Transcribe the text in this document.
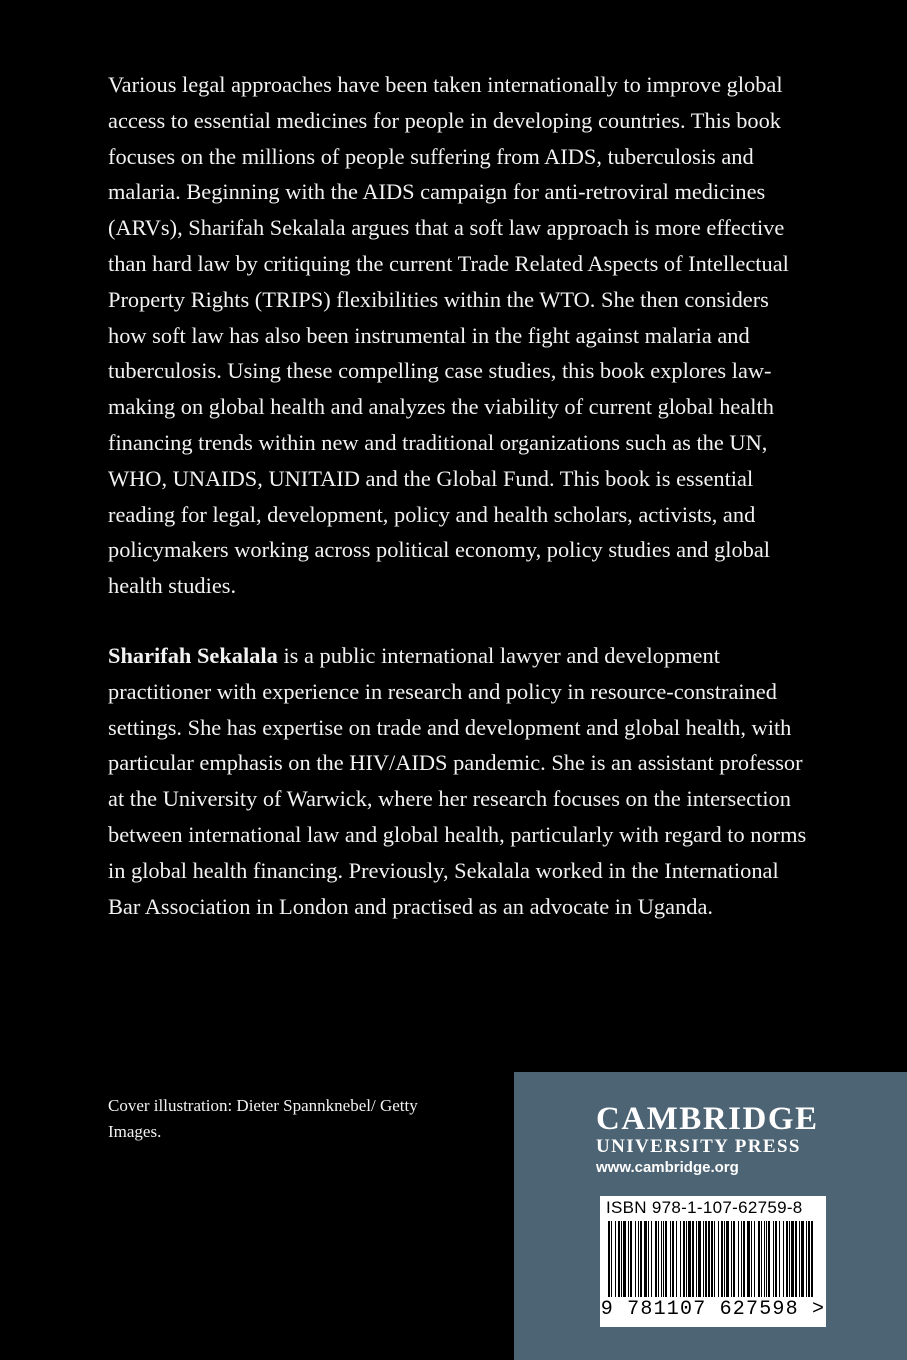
Various legal approaches have been taken internationally to improve global access to essential medicines for people in developing countries. This book focuses on the millions of people suffering from AIDS, tuberculosis and malaria. Beginning with the AIDS campaign for anti-retroviral medicines (ARVs), Sharifah Sekalala argues that a soft law approach is more effective than hard law by critiquing the current Trade Related Aspects of Intellectual Property Rights (TRIPS) flexibilities within the WTO. She then considers how soft law has also been instrumental in the fight against malaria and tuberculosis. Using these compelling case studies, this book explores law-making on global health and analyzes the viability of current global health financing trends within new and traditional organizations such as the UN, WHO, UNAIDS, UNITAID and the Global Fund. This book is essential reading for legal, development, policy and health scholars, activists, and policymakers working across political economy, policy studies and global health studies.

Sharifah Sekalala is a public international lawyer and development practitioner with experience in research and policy in resource-constrained settings. She has expertise on trade and development and global health, with particular emphasis on the HIV/AIDS pandemic. She is an assistant professor at the University of Warwick, where her research focuses on the intersection between international law and global health, particularly with regard to norms in global health financing. Previously, Sekalala worked in the International Bar Association in London and practised as an advocate in Uganda.

Cover illustration: Dieter Spannknebel/ Getty Images.	CAMBRIDGE
UNIVERSITY PRESS
www.cambridge.org
ISBN 978-1-107-62759-8
9 781107 627598 >
